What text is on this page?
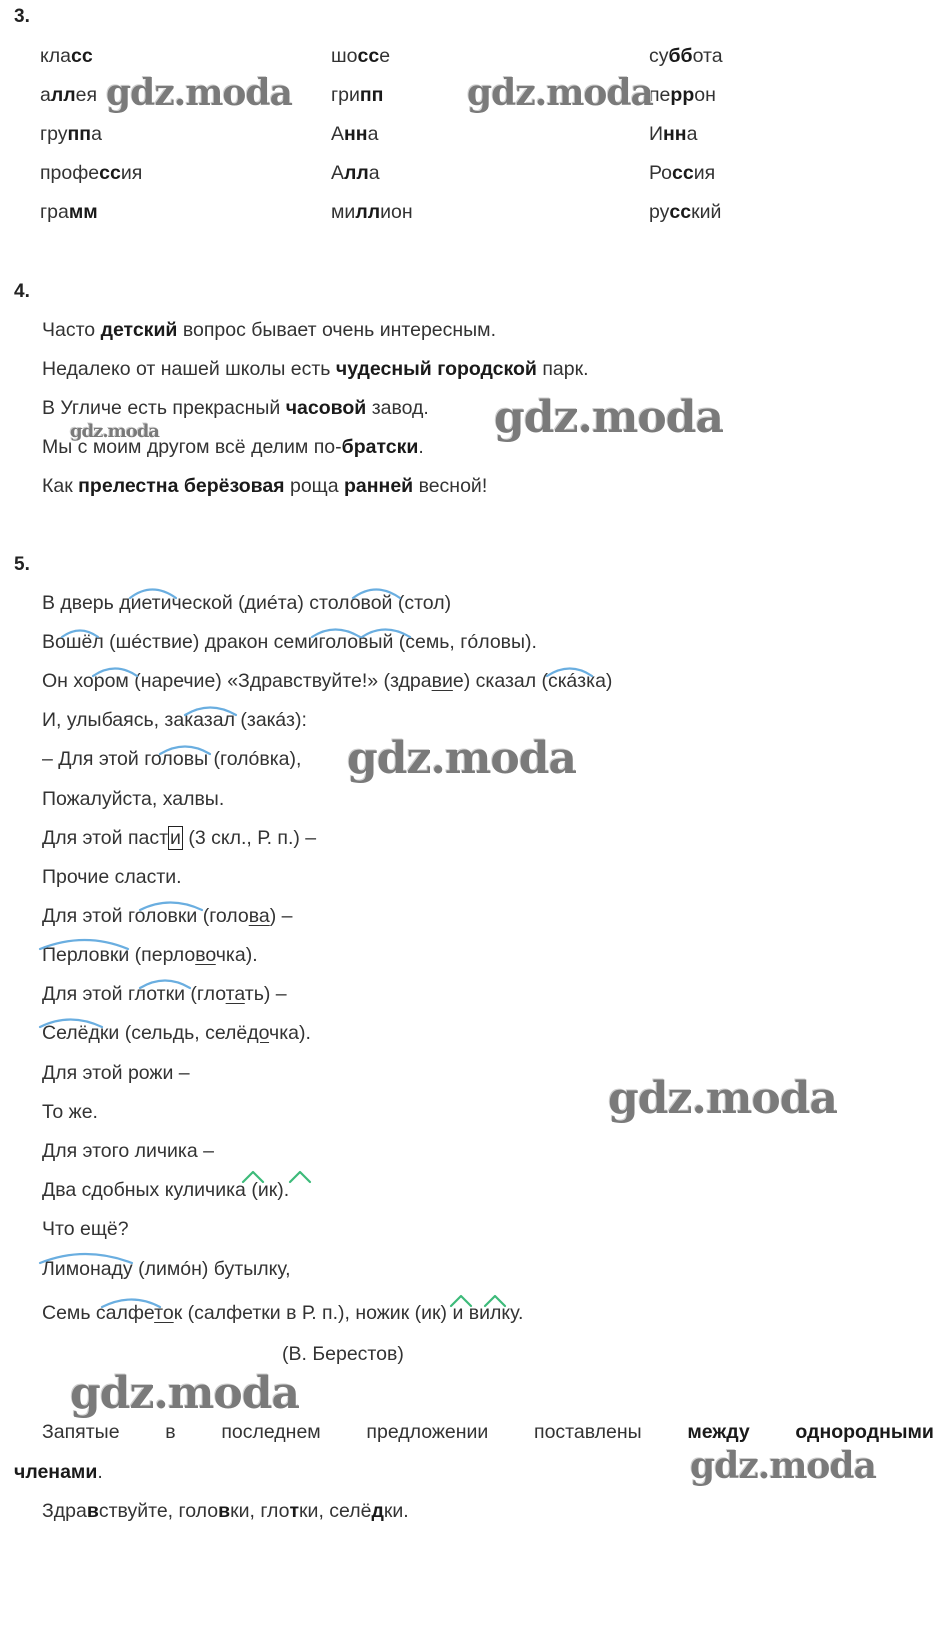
3.
класс
аллея
группа
профессия
грамм
шоссе
грипп
Анна
Алла
миллион
суббота
перрон
Инна
Россия
русский
4.
Часто детский вопрос бывает очень интересным.
Недалеко от нашей школы есть чудесный городской парк.
В Угличе есть прекрасный часовой завод.
Мы с моим другом всё делим по-братски.
Как прелестна берёзовая роща ранней весной!
5.
В дверь диетической (диéта) столовой (стол)
Вошёл (шéствие) дракон семиголовый (семь, гóловы).
Он хором (наречие) «Здравствуйте!» (здравие) сказал (скáзка)
И, улыбаясь, заказал (закáз):
– Для этой головы (голóвка),
Пожалуйста, халвы.
Для этой паст и (3 скл., Р. п.) –
Прочие сласти.
Для этой головки (голова) –
Перловки (перловочка).
Для этой глотки (глотать) –
Селёдки (сельдь, селёдочка).
Для этой рожи –
То же.
Для этого личика –
Два сдобных куличика (ик).
Что ещё?
Лимонаду (лимóн) бутылку,
Семь салфеток (салфетки в Р. п.), ножик (ик) и вилку.
(В. Берестов)
Запятые в последнем предложении поставлены между однородными
членами.
Здравствуйте, головки, глотки, селёдки.
gdz.moda	gdz.moda
gdz.moda
gdz.moda
gdz.moda
gdz.moda
gdz.moda
gdz.moda
